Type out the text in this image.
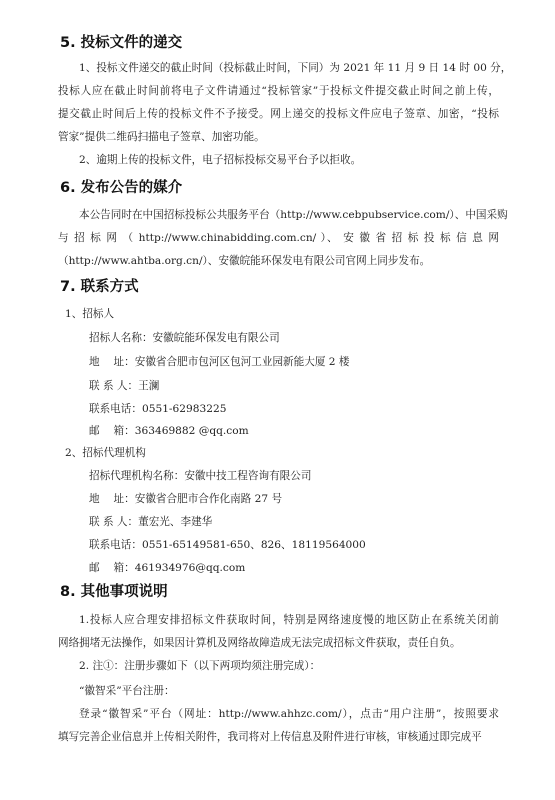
5. 投标文件的递交
1、投标文件递交的截止时间（投标截止时间，下同）为 2021 年 11 月 9 日 14 时 00 分，
投标人应在截止时间前将电子文件请通过“投标管家”于投标文件提交截止时间之前上传，
提交截止时间后上传的投标文件不予接受。网上递交的投标文件应电子签章、加密，“投标
管家”提供二维码扫描电子签章、加密功能。
2、逾期上传的投标文件，电子招标投标交易平台予以拒收。
6. 发布公告的媒介
本公告同时在中国招标投标公共服务平台（http://www.cebpubservice.com/）、中国采购
与 招 标 网 （ http://www.chinabidding.com.cn/ ）、 安 徽 省 招 标 投 标 信 息 网
（http://www.ahtba.org.cn/）、安徽皖能环保发电有限公司官网上同步发布。
7. 联系方式
1、招标人
招标人名称：安徽皖能环保发电有限公司
地　 址：安徽省合肥市包河区包河工业园新能大厦 2 楼
联 系 人：王澜
联系电话：0551-62983225
邮　 箱：363469882 @qq.com
2、招标代理机构
招标代理机构名称：安徽中技工程咨询有限公司
地　 址：安徽省合肥市合作化南路 27 号
联 系 人：董宏光、李建华
联系电话：0551-65149581-650、826、18119564000
邮　 箱：461934976@qq.com
8. 其他事项说明
1.投标人应合理安排招标文件获取时间，特别是网络速度慢的地区防止在系统关闭前
网络拥堵无法操作，如果因计算机及网络故障造成无法完成招标文件获取，责任自负。
2. 注①：注册步骤如下（以下两项均须注册完成）：
“徽智采”平台注册：
登录“徽智采”平台（网址：http://www.ahhzc.com/），点击“用户注册”，按照要求
填写完善企业信息并上传相关附件，我司将对上传信息及附件进行审核，审核通过即完成平
